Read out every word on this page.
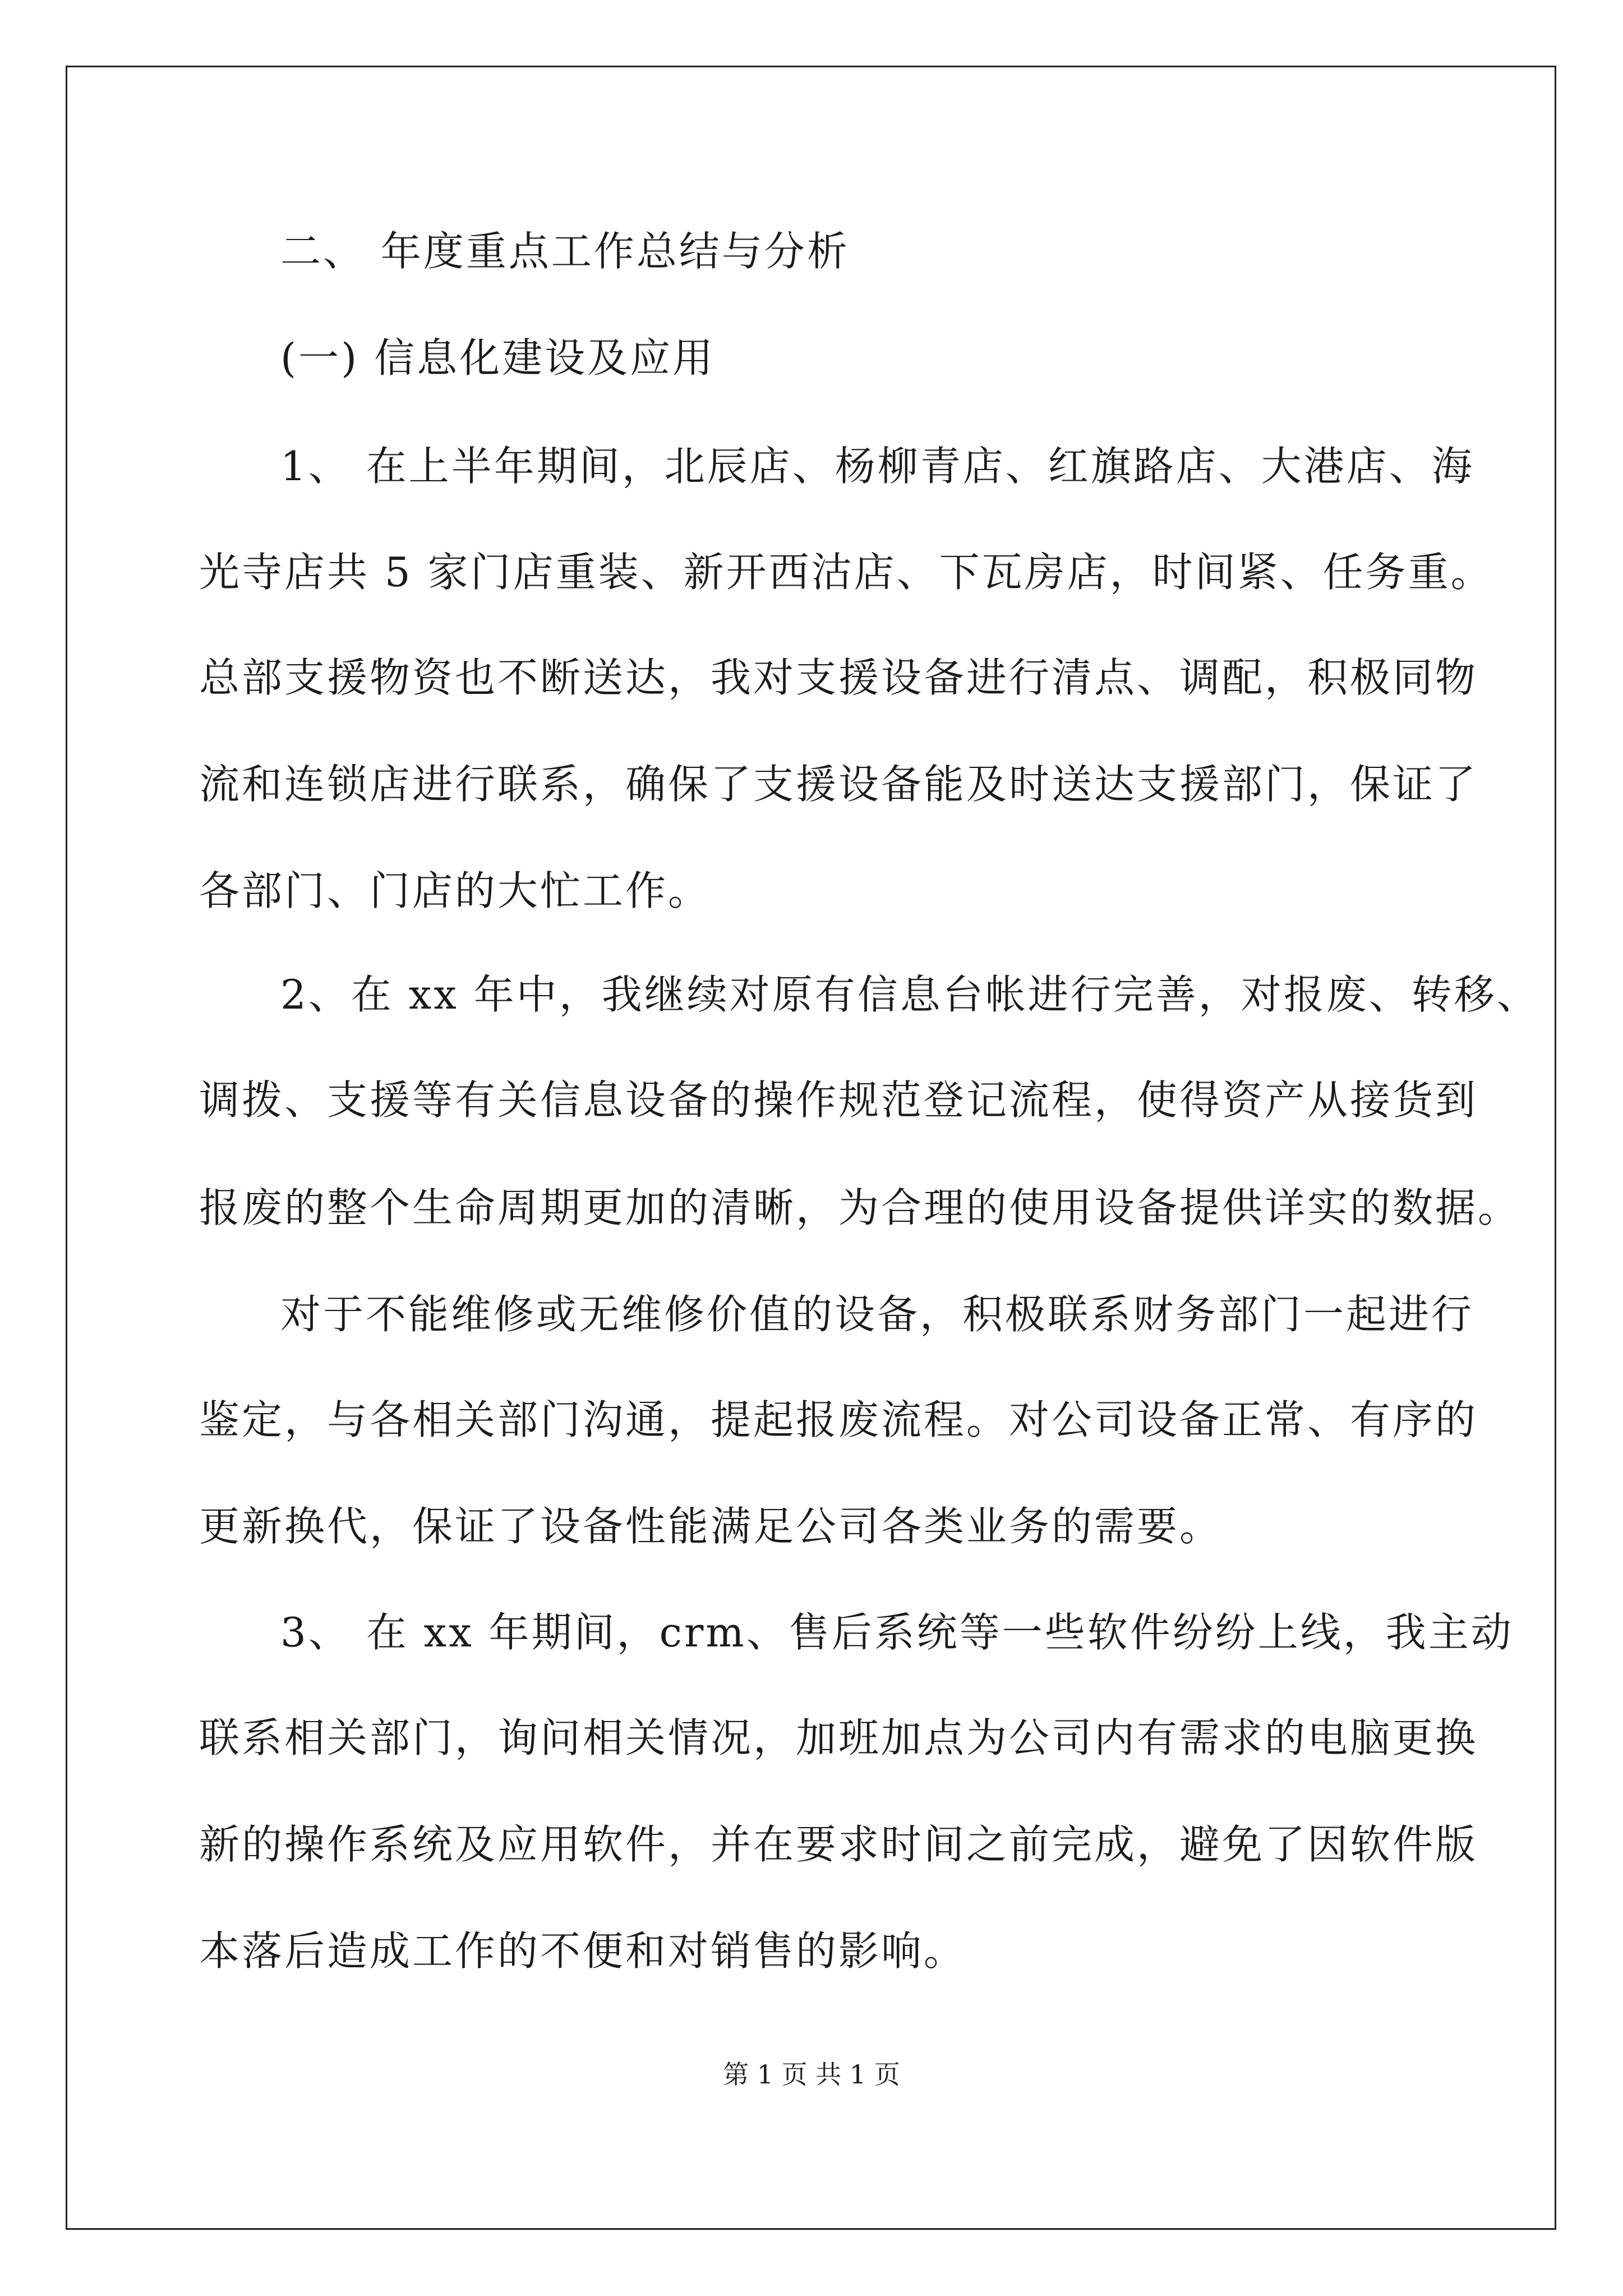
二、 年度重点工作总结与分析
(一) 信息化建设及应用
1、 在上半年期间，北辰店、杨柳青店、红旗路店、大港店、海
光寺店共 5 家门店重装、新开西沽店、下瓦房店，时间紧、任务重。
总部支援物资也不断送达，我对支援设备进行清点、调配，积极同物
流和连锁店进行联系，确保了支援设备能及时送达支援部门，保证了
各部门、门店的大忙工作。
2、在 xx 年中，我继续对原有信息台帐进行完善，对报废、转移、
调拨、支援等有关信息设备的操作规范登记流程，使得资产从接货到
报废的整个生命周期更加的清晰，为合理的使用设备提供详实的数据。
对于不能维修或无维修价值的设备，积极联系财务部门一起进行
鉴定，与各相关部门沟通，提起报废流程。对公司设备正常、有序的
更新换代，保证了设备性能满足公司各类业务的需要。
3、 在 xx 年期间，crm、售后系统等一些软件纷纷上线，我主动
联系相关部门，询问相关情况，加班加点为公司内有需求的电脑更换
新的操作系统及应用软件，并在要求时间之前完成，避免了因软件版
本落后造成工作的不便和对销售的影响。
第 1 页 共 1 页
